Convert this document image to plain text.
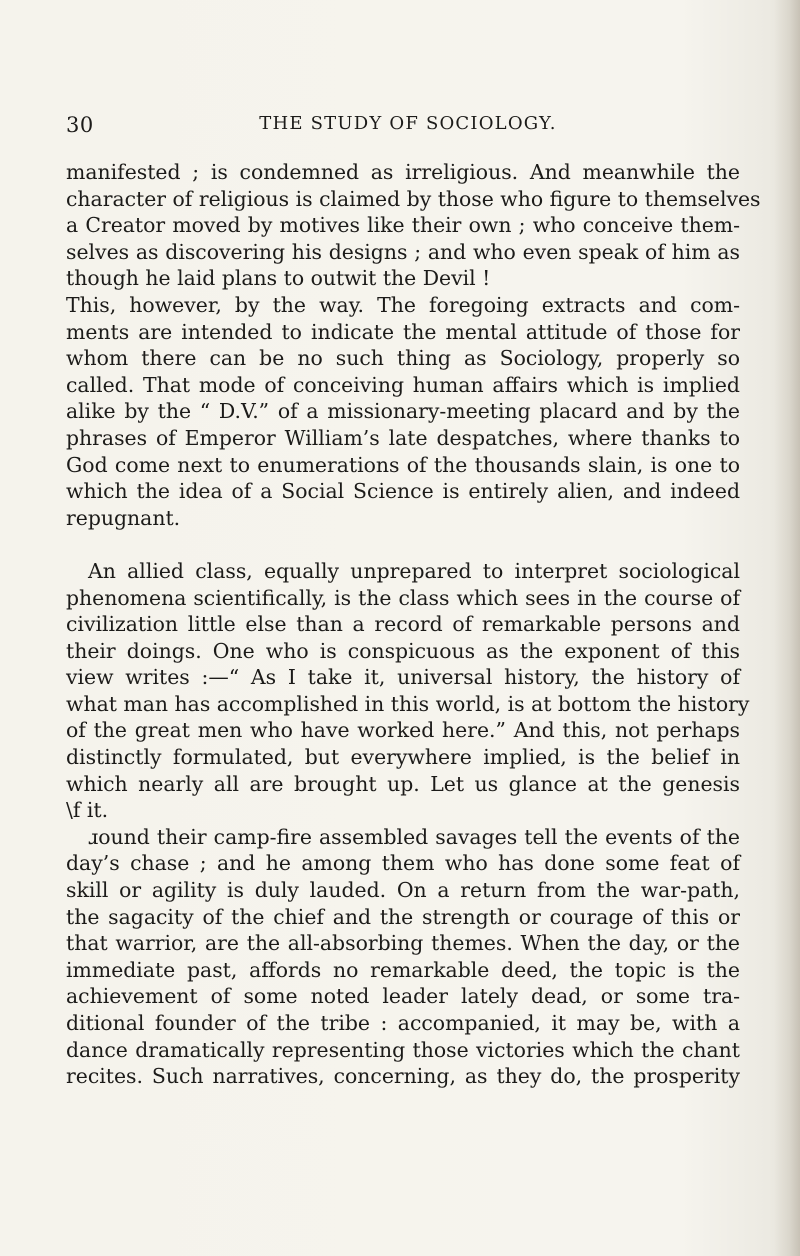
30	THE STUDY OF SOCIOLOGY.
manifested ; is condemned as irreligious. And meanwhile the
character of religious is claimed by those who figure to themselves
a Creator moved by motives like their own ; who conceive them-
selves as discovering his designs ; and who even speak of him as
though he laid plans to outwit the Devil !
This, however, by the way. The foregoing extracts and com-
ments are intended to indicate the mental attitude of those for
whom there can be no such thing as Sociology, properly so
called. That mode of conceiving human affairs which is implied
alike by the “ D.V.” of a missionary-meeting placard and by the
phrases of Emperor William’s late despatches, where thanks to
God come next to enumerations of the thousands slain, is one to
which the idea of a Social Science is entirely alien, and indeed
repugnant.
An allied class, equally unprepared to interpret sociological
phenomena scientifically, is the class which sees in the course of
civilization little else than a record of remarkable persons and
their doings. One who is conspicuous as the exponent of this
view writes :—“ As I take it, universal history, the history of
what man has accomplished in this world, is at bottom the history
of the great men who have worked here.” And this, not perhaps
distinctly formulated, but everywhere implied, is the belief in
which nearly all are brought up. Let us glance at the genesis
\f it.
ɹound their camp-fire assembled savages tell the events of the
day’s chase ; and he among them who has done some feat of
skill or agility is duly lauded. On a return from the war-path,
the sagacity of the chief and the strength or courage of this or
that warrior, are the all-absorbing themes. When the day, or the
immediate past, affords no remarkable deed, the topic is the
achievement of some noted leader lately dead, or some tra-
ditional founder of the tribe : accompanied, it may be, with a
dance dramatically representing those victories which the chant
recites. Such narratives, concerning, as they do, the prosperity
